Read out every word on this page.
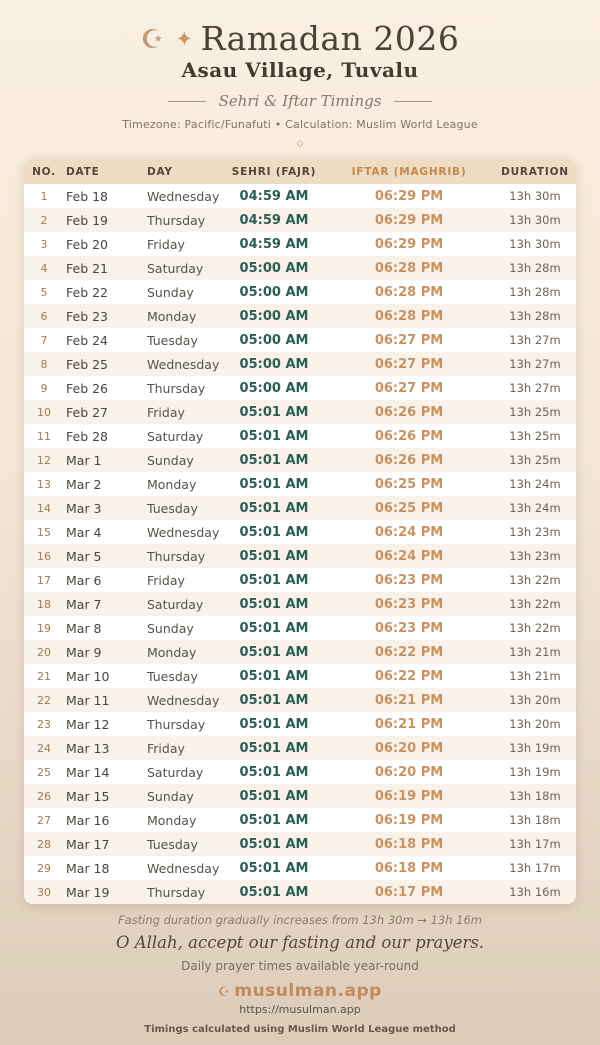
☪ ✦ Ramadan 2026
Asau Village, Tuvalu
Sehri & Iftar Timings
Timezone: Pacific/Funafuti • Calculation: Muslim World League
◇
NO. DATE	DAY	SEHRI (FAJR)	IFTAR (MAGHRIB)	DURATION
1	Feb 18	Wednesday	04:59 AM	06:29 PM	13h 30m
2	Feb 19	Thursday	04:59 AM	06:29 PM	13h 30m
3	Feb 20	Friday	04:59 AM	06:29 PM	13h 30m
4	Feb 21	Saturday	05:00 AM	06:28 PM	13h 28m
5	Feb 22	Sunday	05:00 AM	06:28 PM	13h 28m
6	Feb 23	Monday	05:00 AM	06:28 PM	13h 28m
7	Feb 24	Tuesday	05:00 AM	06:27 PM	13h 27m
8	Feb 25	Wednesday	05:00 AM	06:27 PM	13h 27m
9	Feb 26	Thursday	05:00 AM	06:27 PM	13h 27m
10	Feb 27	Friday	05:01 AM	06:26 PM	13h 25m
11	Feb 28	Saturday	05:01 AM	06:26 PM	13h 25m
12	Mar 1	Sunday	05:01 AM	06:26 PM	13h 25m
13	Mar 2	Monday	05:01 AM	06:25 PM	13h 24m
14	Mar 3	Tuesday	05:01 AM	06:25 PM	13h 24m
15	Mar 4	Wednesday	05:01 AM	06:24 PM	13h 23m
16	Mar 5	Thursday	05:01 AM	06:24 PM	13h 23m
17	Mar 6	Friday	05:01 AM	06:23 PM	13h 22m
18	Mar 7	Saturday	05:01 AM	06:23 PM	13h 22m
19	Mar 8	Sunday	05:01 AM	06:23 PM	13h 22m
20	Mar 9	Monday	05:01 AM	06:22 PM	13h 21m
21	Mar 10	Tuesday	05:01 AM	06:22 PM	13h 21m
22	Mar 11	Wednesday	05:01 AM	06:21 PM	13h 20m
23	Mar 12	Thursday	05:01 AM	06:21 PM	13h 20m
24	Mar 13	Friday	05:01 AM	06:20 PM	13h 19m
25	Mar 14	Saturday	05:01 AM	06:20 PM	13h 19m
26	Mar 15	Sunday	05:01 AM	06:19 PM	13h 18m
27	Mar 16	Monday	05:01 AM	06:19 PM	13h 18m
28	Mar 17	Tuesday	05:01 AM	06:18 PM	13h 17m
29	Mar 18	Wednesday	05:01 AM	06:18 PM	13h 17m
30	Mar 19	Thursday	05:01 AM	06:17 PM	13h 16m
Fasting duration gradually increases from 13h 30m → 13h 16m
O Allah, accept our fasting and our prayers.
Daily prayer times available year-round
☪ musulman.app
https://musulman.app
Timings calculated using Muslim World League method
